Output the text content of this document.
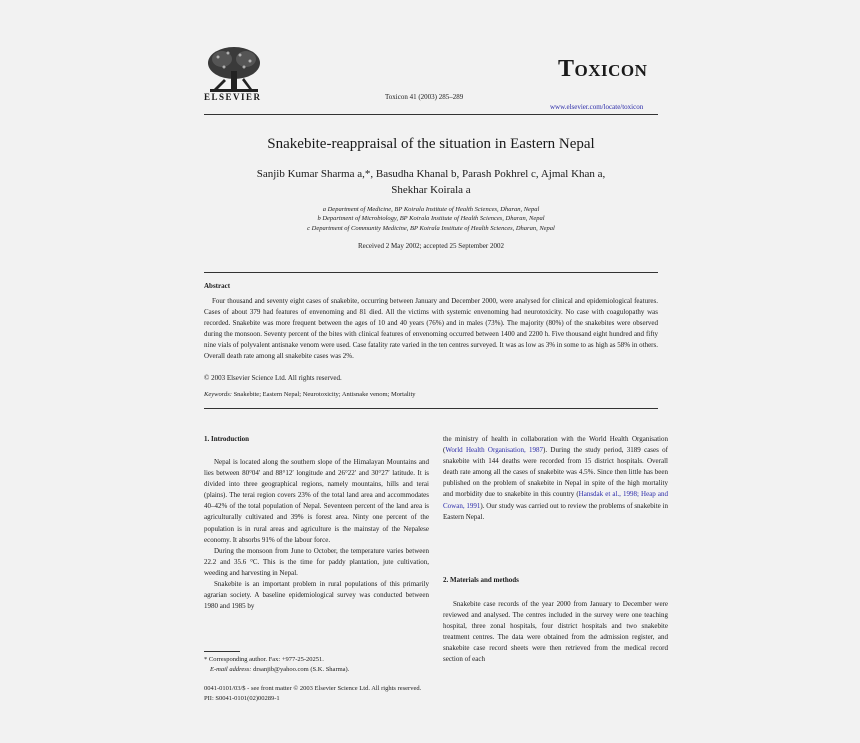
ELSEVIER	Toxicon 41 (2003) 285–289
Toxicon
www.elsevier.com/locate/toxicon
Snakebite-reappraisal of the situation in Eastern Nepal
Sanjib Kumar Sharma a,*, Basudha Khanal b, Parash Pokhrel c, Ajmal Khan a,
Shekhar Koirala a
a Department of Medicine, BP Koirala Institute of Health Sciences, Dharan, Nepal
b Department of Microbiology, BP Koirala Institute of Health Sciences, Dharan, Nepal
c Department of Community Medicine, BP Koirala Institute of Health Sciences, Dharan, Nepal
Received 2 May 2002; accepted 25 September 2002
Abstract
Four thousand and seventy eight cases of snakebite, occurring between January and December 2000, were analysed for clinical and epidemiological features. Cases of about 379 had features of envenoming and 81 died. All the victims with systemic envenoming had neurotoxicity. No case with coagulopathy was recorded. Snakebite was more frequent between the ages of 10 and 40 years (76%) and in males (73%). The majority (80%) of the snakebites were observed during the monsoon. Seventy percent of the bites with clinical features of envenoming occurred between 1400 and 2200 h. Five thousand eight hundred and fifty nine vials of polyvalent antisnake venom were used. Case fatality rate varied in the ten centres surveyed. It was as low as 3% in some to as high as 58% in others. Overall death rate among all snakebite cases was 2%.
© 2003 Elsevier Science Ltd. All rights reserved.
Keywords: Snakebite; Eastern Nepal; Neurotoxicity; Antisnake venom; Mortality
1. Introduction

Nepal is located along the southern slope of the Himalayan Mountains and lies between 80°04′ and 88°12′ longitude and 26°22′ and 30°27′ latitude. It is divided into three geographical regions, namely mountains, hills and terai (plains). The terai region covers 23% of the total land area and accommodates 40–42% of the total population of Nepal. Seventeen percent of the land area is agriculturally cultivated and 39% is forest area. Ninty one percent of the population is in rural areas and agriculture is the mainstay of the Nepalese economy. It absorbs 91% of the labour force.

During the monsoon from June to October, the temperature varies between 22.2 and 35.6 °C. This is the time for paddy plantation, jute cultivation, weeding and harvesting in Nepal.

Snakebite is an important problem in rural populations of this primarily agrarian society. A baseline epidemiological survey was conducted between 1980 and 1985 by

* Corresponding author. Fax: +977-25-20251.
E-mail address: drsanjib@yahoo.com (S.K. Sharma).
0041-0101/03/$ - see front matter © 2003 Elsevier Science Ltd. All rights reserved.
PII: S0041-0101(02)00289-1

the ministry of health in collaboration with the World Health Organisation (World Health Organisation, 1987). During the study period, 3189 cases of snakebite with 144 deaths were recorded from 15 district hospitals. Overall death rate among all the cases of snakebite was 4.5%. Since then little has been published on the problem of snakebite in Nepal in spite of the high mortality and morbidity due to snakebite in this country (Hansdak et al., 1998; Heap and Cowan, 1991). Our study was carried out to review the problems of snakebite in Eastern Nepal.

2. Materials and methods

Snakebite case records of the year 2000 from January to December were reviewed and analysed. The centres included in the survey were one teaching hospital, three zonal hospitals, four district hospitals and two snakebite treatment centres. The data were obtained from the admission register, and snakebite case record sheets were then retrieved from the medical record section of each
